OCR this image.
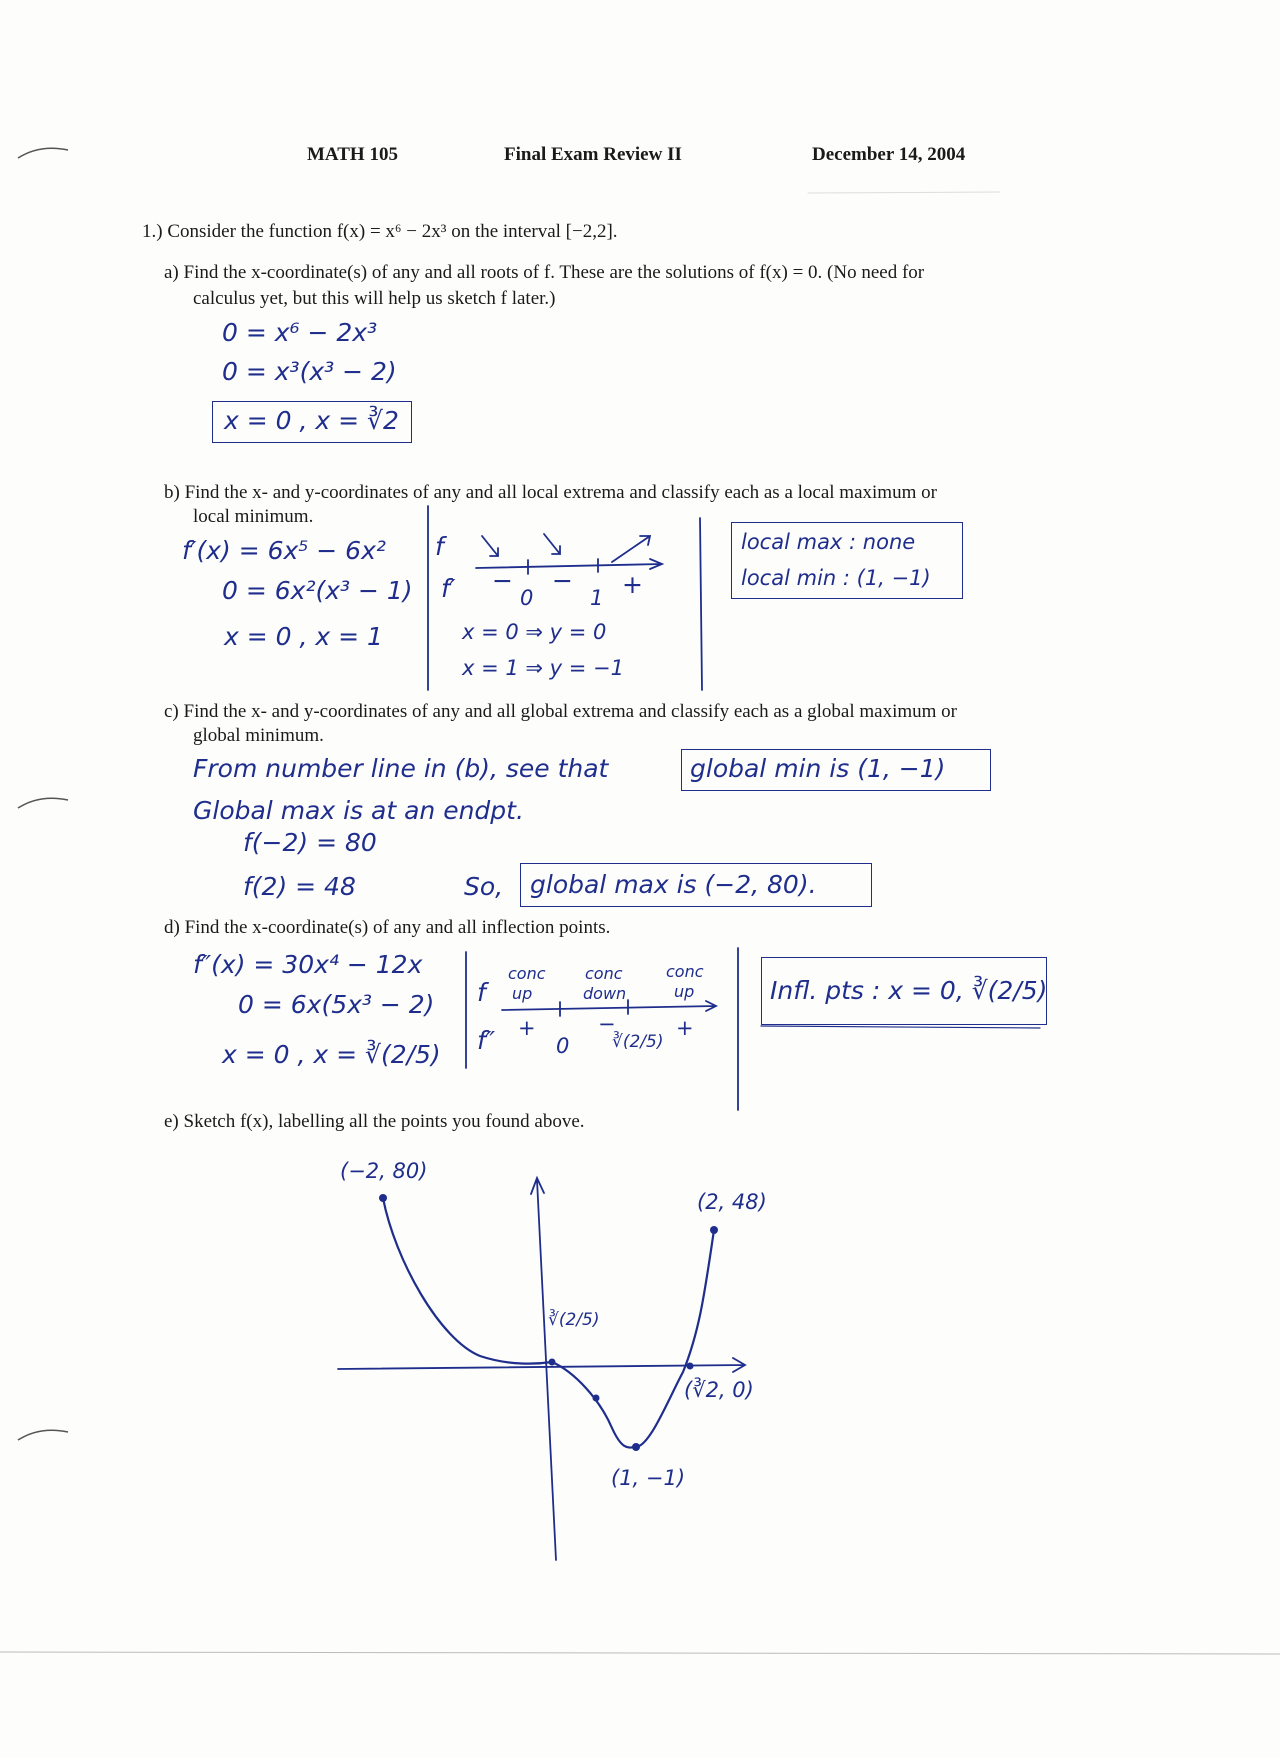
MATH 105	Final Exam Review II	December 14, 2004
1.) Consider the function f(x) = x⁶ − 2x³ on the interval [−2,2].
a) Find the x-coordinate(s) of any and all roots of f. These are the solutions of f(x) = 0. (No need for
calculus yet, but this will help us sketch f later.)
0 = x⁶ − 2x³
0 = x³(x³ − 2)
x = 0 , x = ∛2
b) Find the x- and y-coordinates of any and all local extrema and classify each as a local maximum or
local minimum.
f′(x) = 6x⁵ − 6x²
0 = 6x²(x³ − 1)
x = 0 , x = 1
f
f′ − − +
0	1
x = 0 ⇒ y = 0
x = 1 ⇒ y = −1
local max : none
local min : (1, −1)
c) Find the x- and y-coordinates of any and all global extrema and classify each as a global maximum or
global minimum.
From number line in (b), see that	global min is (1, −1)
Global max is at an endpt.
f(−2) = 80
f(2) = 48	So, global max is (−2, 80).
d) Find the x-coordinate(s) of any and all inflection points.
f″(x) = 30x⁴ − 12x
0 = 6x(5x³ − 2)
x = 0 , x = ∛(2/5)
f
f″
conc
up
conc
down
conc
up
+	−	+
0	∛(2/5)
Infl. pts : x = 0, ∛(2/5)
e) Sketch f(x), labelling all the points you found above.
(−2, 80)
(2, 48)
∛(2/5)
(∛2, 0)
(1, −1)
